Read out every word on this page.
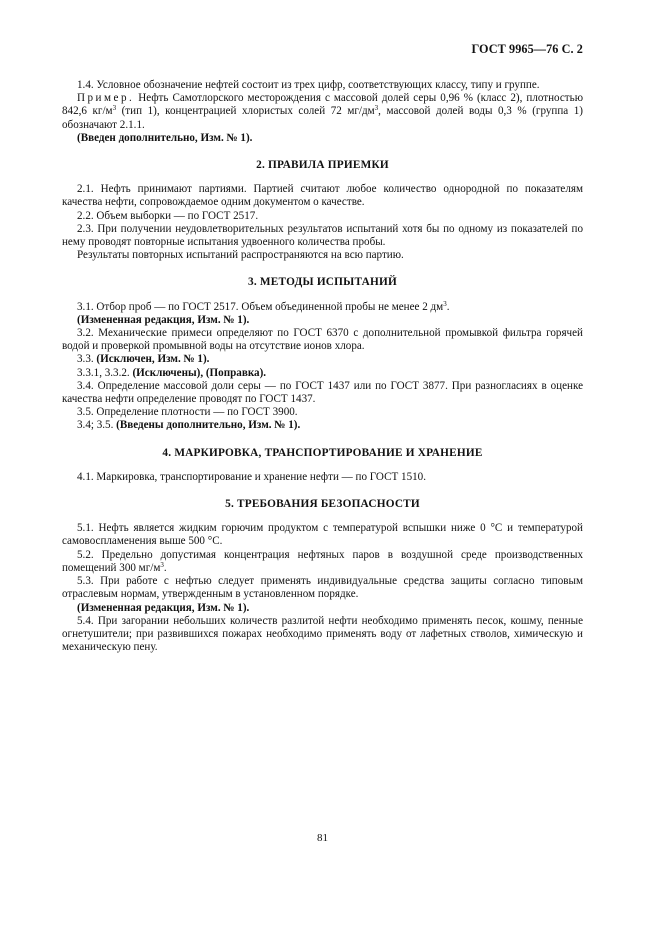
ГОСТ 9965—76 С. 2

1.4. Условное обозначение нефтей состоит из трех цифр, соответствующих классу, типу и группе.

Пример. Нефть Самотлорского месторождения с массовой долей серы 0,96 % (класс 2), плотностью 842,6 $кг/м^3$ (тип 1), концентрацией хлористых солей 72 $мг/дм^3$, массовой долей воды 0,3 % (группа 1) обозначают 2.1.1.

(Введен дополнительно, Изм. № 1).

2. ПРАВИЛА ПРИЕМКИ

2.1. Нефть принимают партиями. Партией считают любое количество однородной по показателям качества нефти, сопровождаемое одним документом о качестве.

2.2. Объем выборки — по ГОСТ 2517.

2.3. При получении неудовлетворительных результатов испытаний хотя бы по одному из показателей по нему проводят повторные испытания удвоенного количества пробы.

Результаты повторных испытаний распространяются на всю партию.

3. МЕТОДЫ ИСПЫТАНИЙ

3.1. Отбор проб — по ГОСТ 2517. Объем объединенной пробы не менее 2 $дм^3$.

(Измененная редакция, Изм. № 1).

3.2. Механические примеси определяют по ГОСТ 6370 с дополнительной промывкой фильтра горячей водой и проверкой промывной воды на отсутствие ионов хлора.

3.3. (Исключен, Изм. № 1).

3.3.1, 3.3.2. (Исключены), (Поправка).

3.4. Определение массовой доли серы — по ГОСТ 1437 или по ГОСТ 3877. При разногласиях в оценке качества нефти определение проводят по ГОСТ 1437.

3.5. Определение плотности — по ГОСТ 3900.

3.4; 3.5. (Введены дополнительно, Изм. № 1).

4. МАРКИРОВКА, ТРАНСПОРТИРОВАНИЕ И ХРАНЕНИЕ

4.1. Маркировка, транспортирование и хранение нефти — по ГОСТ 1510.

5. ТРЕБОВАНИЯ БЕЗОПАСНОСТИ

5.1. Нефть является жидким горючим продуктом с температурой вспышки ниже 0 °С и температурой самовоспламенения выше 500 °С.

5.2. Предельно допустимая концентрация нефтяных паров в воздушной среде производственных помещений 300 $мг/м^3$.

5.3. При работе с нефтью следует применять индивидуальные средства защиты согласно типовым отраслевым нормам, утвержденным в установленном порядке.

(Измененная редакция, Изм. № 1).

5.4. При загорании небольших количеств разлитой нефти необходимо применять песок, кошму, пенные огнетушители; при развившихся пожарах необходимо применять воду от лафетных стволов, химическую и механическую пену.

81
